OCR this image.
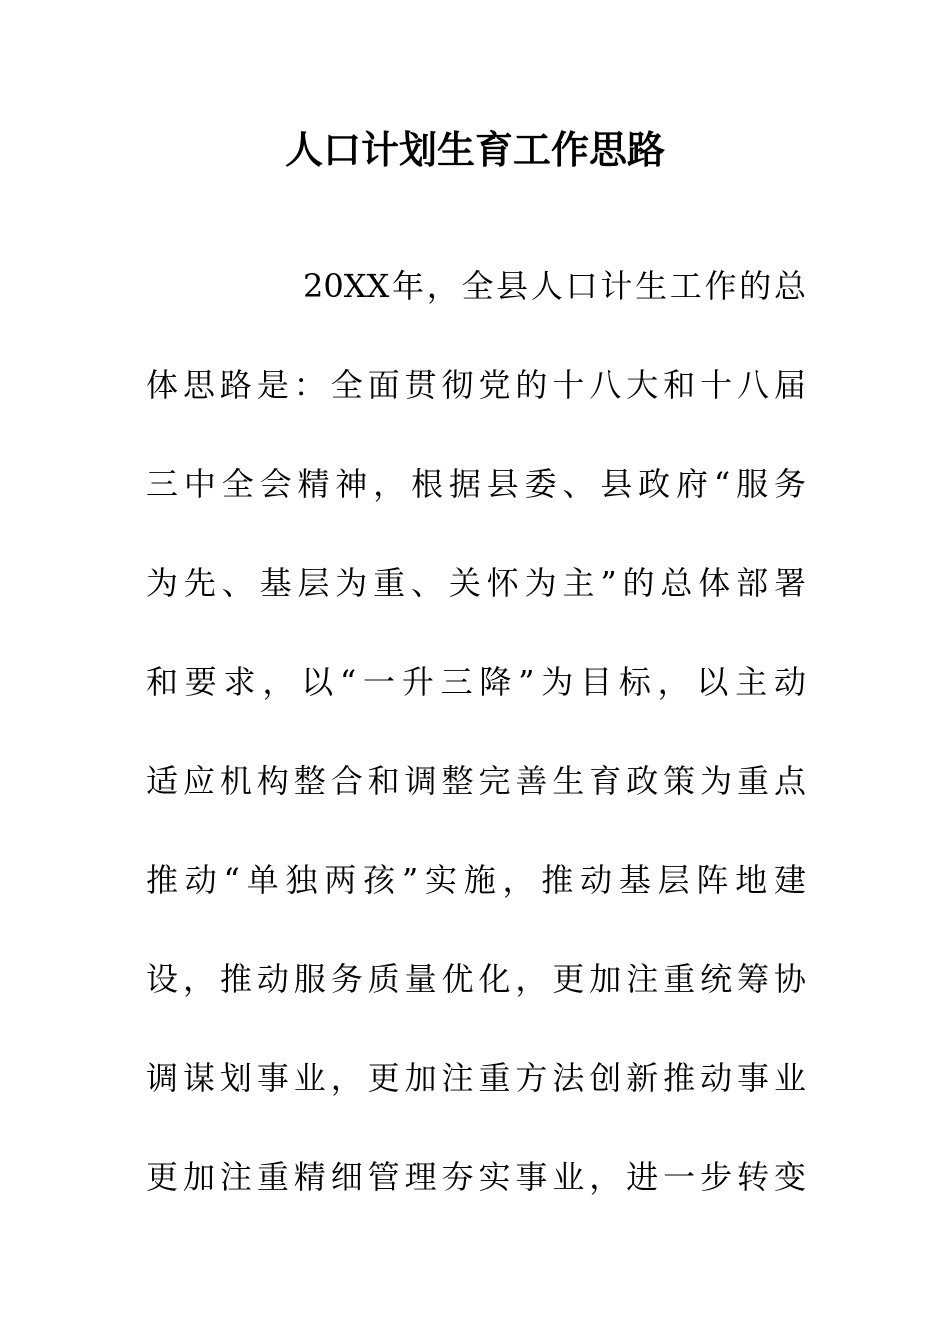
人口计划生育工作思路
20XX年，全县人口计生工作的总
体思路是：全面贯彻党的十八大和十八届
三中全会精神，根据县委、县政府“服务
为先、基层为重、关怀为主”的总体部署
和要求，以“一升三降”为目标，以主动
适应机构整合和调整完善生育政策为重点
推动“单独两孩”实施，推动基层阵地建
设，推动服务质量优化，更加注重统筹协
调谋划事业，更加注重方法创新推动事业
更加注重精细管理夯实事业，进一步转变
